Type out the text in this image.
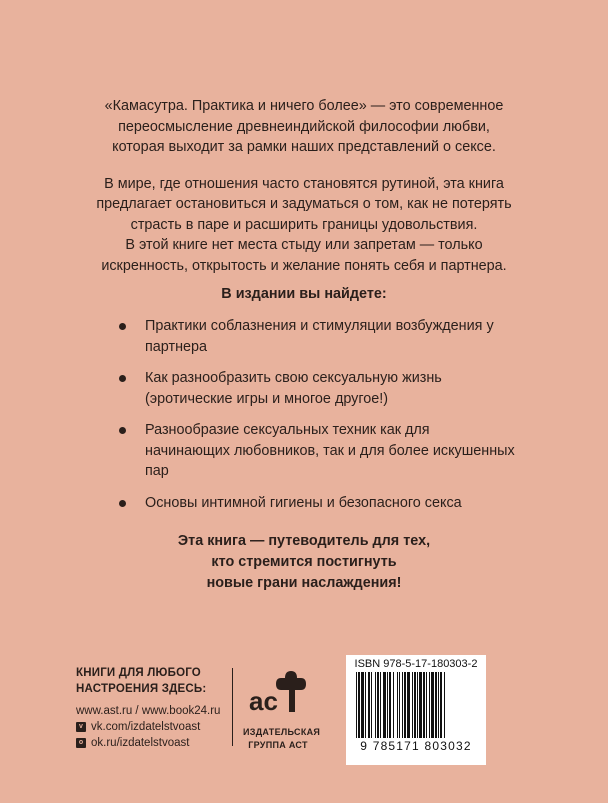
«Камасутра. Практика и ничего более» — это современное переосмысление древнеиндийской философии любви, которая выходит за рамки наших представлений о сексе.

В мире, где отношения часто становятся рутиной, эта книга предлагает остановиться и задуматься о том, как не потерять страсть в паре и расширить границы удовольствия.

В этой книге нет места стыду или запретам — только искренность, открытость и желание понять себя и партнера.

В издании вы найдете:
Практики соблазнения и стимуляции возбуждения у партнера
Как разнообразить свою сексуальную жизнь (эротические игры и многое другое!)
Разнообразие сексуальных техник как для начинающих любовников, так и для более искушенных пар
Основы интимной гигиены и безопасного секса
Эта книга — путеводитель для тех,
кто стремится постигнуть
новые грани наслаждения!
КНИГИ ДЛЯ ЛЮБОГО
НАСТРОЕНИЯ ЗДЕСЬ:
www.ast.ru / www.book24.ru
v vk.com/izdatelstvoast
o ok.ru/izdatelstvoast
ас
ИЗДАТЕЛЬСКАЯ
ГРУППА АСТ
ISBN 978-5-17-180303-2
9 785171 803032
